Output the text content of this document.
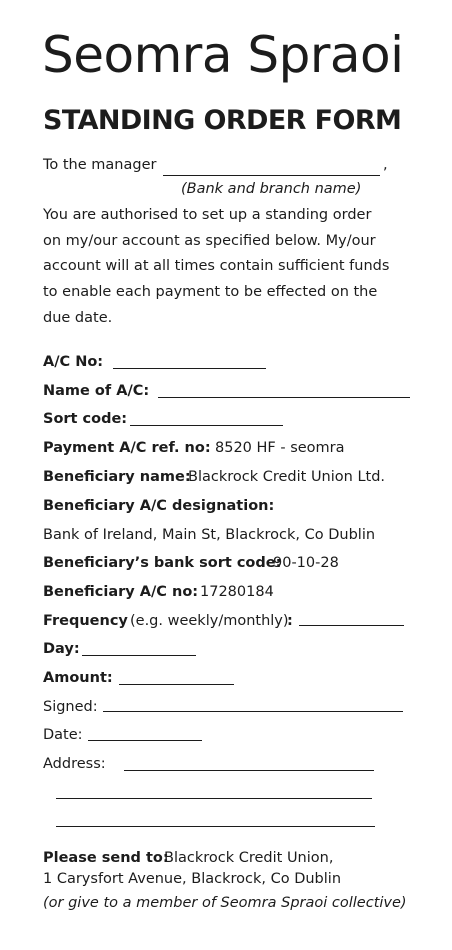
Seomra Spraoi
STANDING ORDER FORM
To the manager	,
(Bank and branch name)
You are authorised to set up a standing order
on my/our account as specified below. My/our
account will at all times contain sufficient funds
to enable each payment to be effected on the
due date.
A/C No:
Name of A/C:
Sort code:
Payment A/C ref. no: 8520 HF - seomra
Beneficiary name:
Blackrock Credit Union Ltd.
Beneficiary A/C designation:
Bank of Ireland, Main St, Blackrock, Co Dublin
Beneficiary’s bank sort code:
90-10-28
Beneficiary A/C no: 17280184
Frequency (e.g. weekly/monthly)
:
Day:
Amount:
Signed:
Date:
Address:
Please send to:
Blackrock Credit Union,
1 Carysfort Avenue, Blackrock, Co Dublin
(or give to a member of Seomra Spraoi collective)
